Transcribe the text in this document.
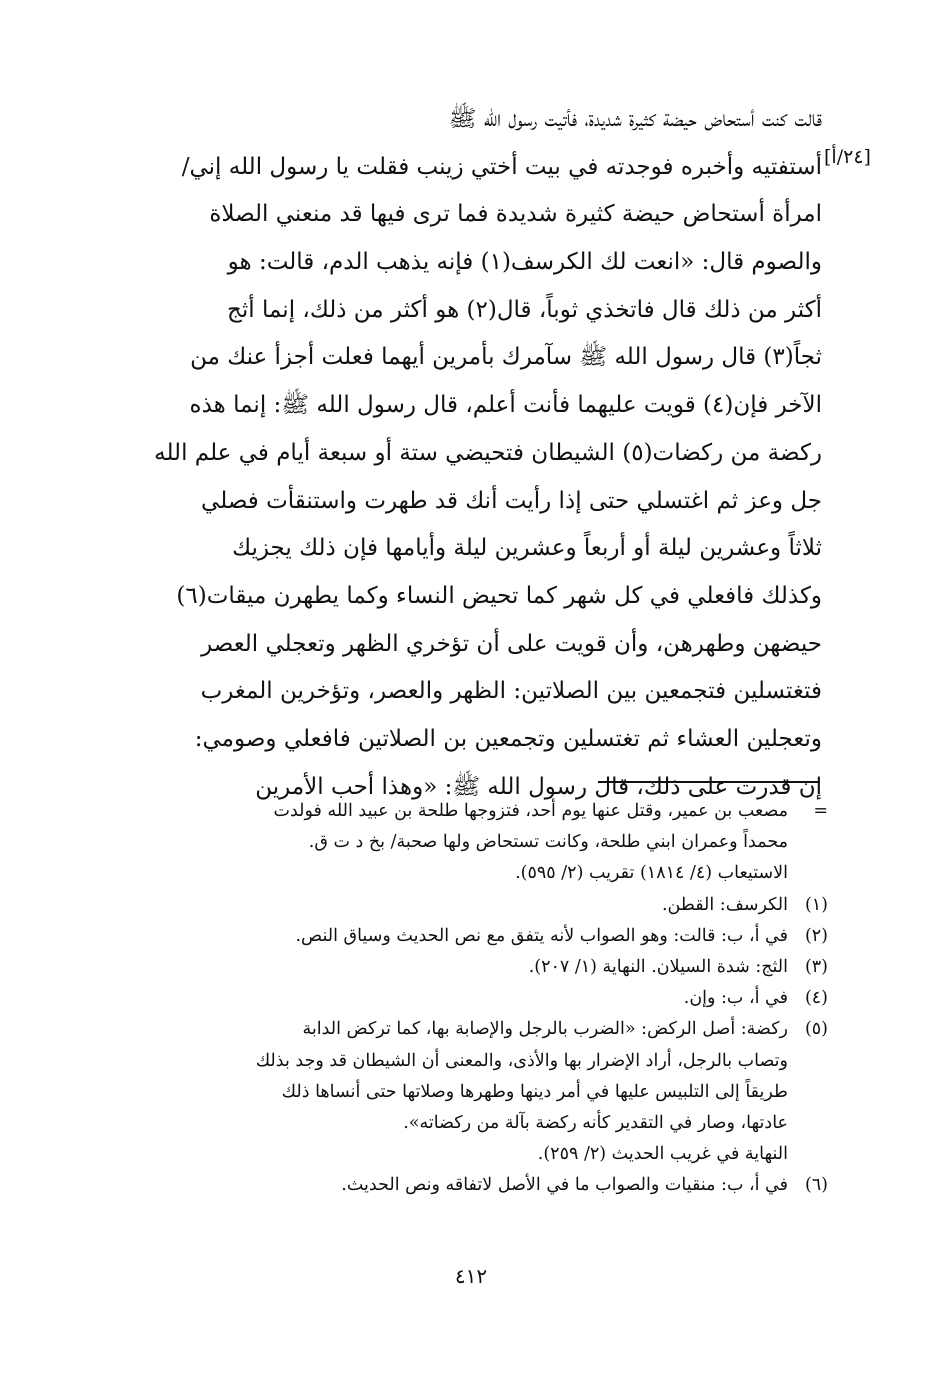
[٢٤/أ]
قالت كنت أستحاض حيضة كثيرة شديدة، فأتيت رسول الله ﷺ
أستفتيه وأخبره فوجدته في بيت أختي زينب فقلت يا رسول الله إني/
امرأة أستحاض حيضة كثيرة شديدة فما ترى فيها قد منعني الصلاة
والصوم قال: «انعت لك الكرسف(١) فإنه يذهب الدم، قالت: هو
أكثر من ذلك قال فاتخذي ثوباً، قال(٢) هو أكثر من ذلك، إنما أثج
ثجاً(٣) قال رسول الله ﷺ سآمرك بأمرين أيهما فعلت أجزأ عنك من
الآخر فإن(٤) قويت عليهما فأنت أعلم، قال رسول الله ﷺ: إنما هذه
ركضة من ركضات(٥) الشيطان فتحيضي ستة أو سبعة أيام في علم الله
جل وعز ثم اغتسلي حتى إذا رأيت أنك قد طهرت واستنقأت فصلي
ثلاثاً وعشرين ليلة أو أربعاً وعشرين ليلة وأيامها فإن ذلك يجزيك
وكذلك فافعلي في كل شهر كما تحيض النساء وكما يطهرن ميقات(٦)
حيضهن وطهرهن، وأن قويت على أن تؤخري الظهر وتعجلي العصر
فتغتسلين فتجمعين بين الصلاتين: الظهر والعصر، وتؤخرين المغرب
وتعجلين العشاء ثم تغتسلين وتجمعين بن الصلاتين فافعلي وصومي:
إن قدرت على ذلك، قال رسول الله ﷺ: «وهذا أحب الأمرين
=
مصعب بن عمير، وقتل عنها يوم أحد، فتزوجها طلحة بن عبيد الله فولدت
محمداً وعمران ابني طلحة، وكانت تستحاض ولها صحبة/ بخ د ت ق.
الاستيعاب (٤/ ١٨١٤) تقريب (٢/ ٥٩٥).
(١)
الكرسف: القطن.
(٢)
في أ، ب: قالت: وهو الصواب لأنه يتفق مع نص الحديث وسياق النص.
(٣)
الثج: شدة السيلان. النهاية (١/ ٢٠٧).
(٤)
في أ، ب: وإن.
(٥)
ركضة: أصل الركض: «الضرب بالرجل والإصابة بها، كما تركض الدابة
وتصاب بالرجل، أراد الإضرار بها والأذى، والمعنى أن الشيطان قد وجد بذلك
طريقاً إلى التلبيس عليها في أمر دينها وطهرها وصلاتها حتى أنساها ذلك
عادتها، وصار في التقدير كأنه ركضة بآلة من ركضاته».
النهاية في غريب الحديث (٢/ ٢٥٩).
(٦)
في أ، ب: منقيات والصواب ما في الأصل لاتفاقه ونص الحديث.
٤١٢
